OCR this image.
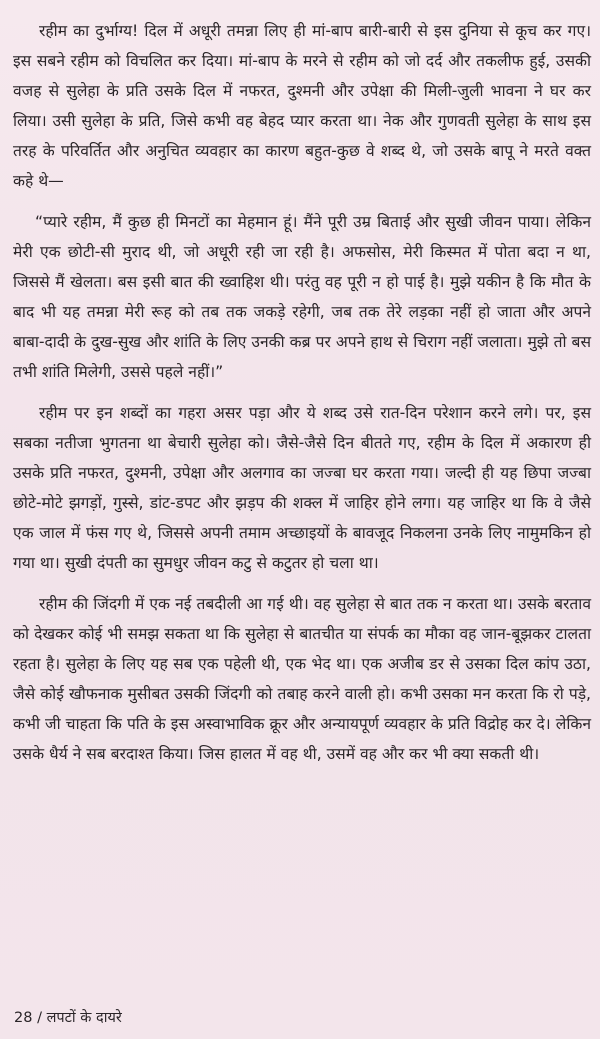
रहीम का दुर्भाग्य! दिल में अधूरी तमन्ना लिए ही मां-बाप बारी-बारी से इस दुनिया से कूच कर गए। इस सबने रहीम को विचलित कर दिया। मां-बाप के मरने से रहीम को जो दर्द और तकलीफ हुई, उसकी वजह से सुलेहा के प्रति उसके दिल में नफरत, दुश्मनी और उपेक्षा की मिली-जुली भावना ने घर कर लिया। उसी सुलेहा के प्रति, जिसे कभी वह बेहद प्यार करता था। नेक और गुणवती सुलेहा के साथ इस तरह के परिवर्तित और अनुचित व्यवहार का कारण बहुत-कुछ वे शब्द थे, जो उसके बापू ने मरते वक्त कहे थे—

“प्यारे रहीम, मैं कुछ ही मिनटों का मेहमान हूं। मैंने पूरी उम्र बिताई और सुखी जीवन पाया। लेकिन मेरी एक छोटी-सी मुराद थी, जो अधूरी रही जा रही है। अफसोस, मेरी किस्मत में पोता बदा न था, जिससे मैं खेलता। बस इसी बात की ख्वाहिश थी। परंतु वह पूरी न हो पाई है। मुझे यकीन है कि मौत के बाद भी यह तमन्ना मेरी रूह को तब तक जकड़े रहेगी, जब तक तेरे लड़का नहीं हो जाता और अपने बाबा-दादी के दुख-सुख और शांति के लिए उनकी कब्र पर अपने हाथ से चिराग नहीं जलाता। मुझे तो बस तभी शांति मिलेगी, उससे पहले नहीं।”

रहीम पर इन शब्दों का गहरा असर पड़ा और ये शब्द उसे रात-दिन परेशान करने लगे। पर, इस सबका नतीजा भुगतना था बेचारी सुलेहा को। जैसे-जैसे दिन बीतते गए, रहीम के दिल में अकारण ही उसके प्रति नफरत, दुश्मनी, उपेक्षा और अलगाव का जज्बा घर करता गया। जल्दी ही यह छिपा जज्बा छोटे-मोटे झगड़ों, गुस्से, डांट-डपट और झड़प की शक्ल में जाहिर होने लगा। यह जाहिर था कि वे जैसे एक जाल में फंस गए थे, जिससे अपनी तमाम अच्छाइयों के बावजूद निकलना उनके लिए नामुमकिन हो गया था। सुखी दंपती का सुमधुर जीवन कटु से कटुतर हो चला था।

रहीम की जिंदगी में एक नई तबदीली आ गई थी। वह सुलेहा से बात तक न करता था। उसके बरताव को देखकर कोई भी समझ सकता था कि सुलेहा से बातचीत या संपर्क का मौका वह जान-बूझकर टालता रहता है। सुलेहा के लिए यह सब एक पहेली थी, एक भेद था। एक अजीब डर से उसका दिल कांप उठा, जैसे कोई खौफनाक मुसीबत उसकी जिंदगी को तबाह करने वाली हो। कभी उसका मन करता कि रो पड़े, कभी जी चाहता कि पति के इस अस्वाभाविक क्रूर और अन्यायपूर्ण व्यवहार के प्रति विद्रोह कर दे। लेकिन उसके धैर्य ने सब बरदाश्त किया। जिस हालत में वह थी, उसमें वह और कर भी क्या सकती थी।

28 / लपटों के दायरे
